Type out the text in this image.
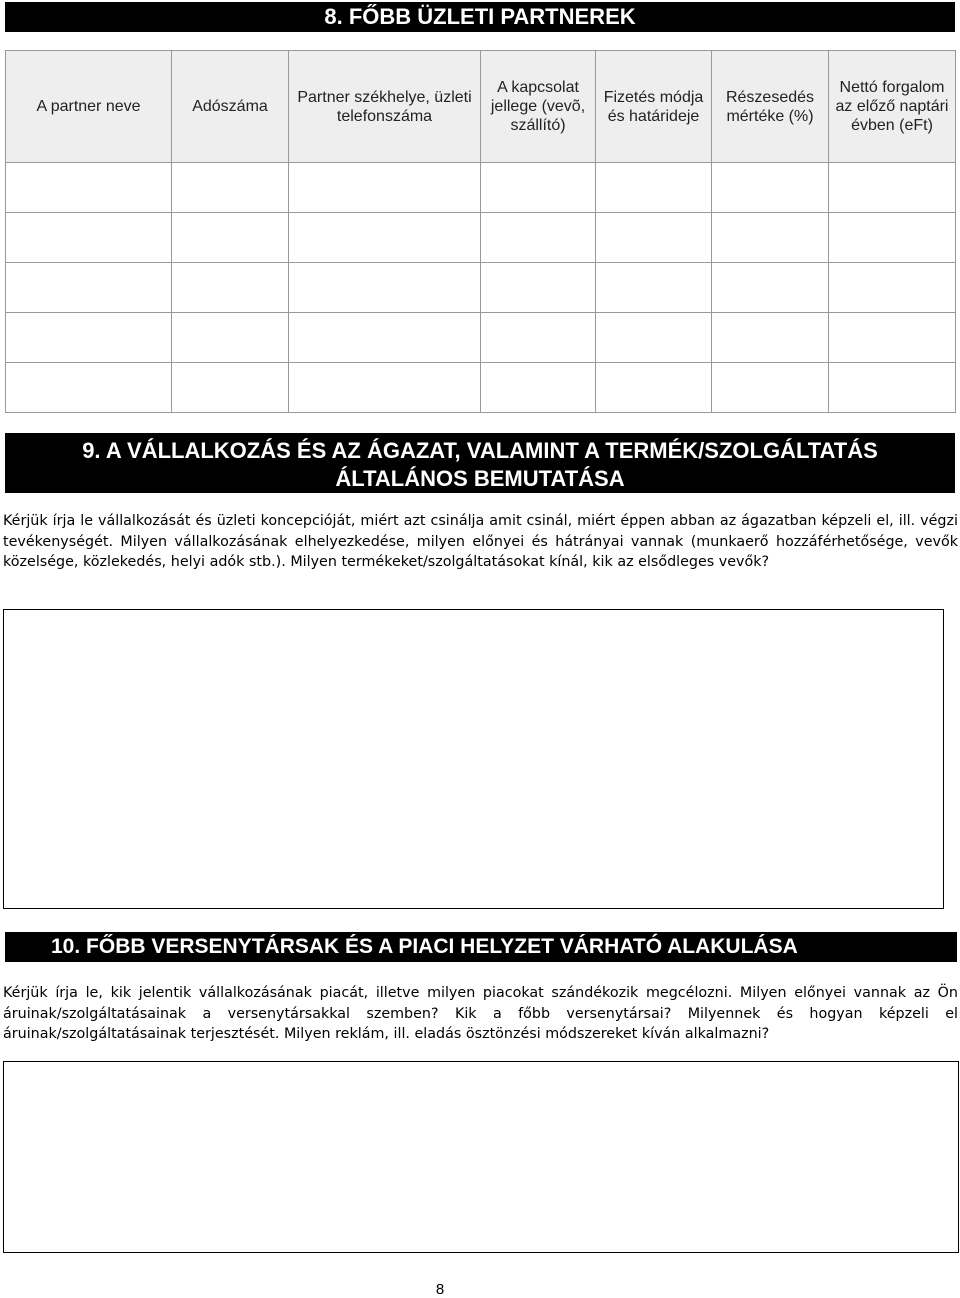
8. FŐBB ÜZLETI PARTNEREK
A partner neve	Adószáma	Partner székhelye, üzleti telefonszáma	A kapcsolat jellege (vevõ, szállító)	Fizetés módja és határideje	Részesedés mértéke (%)	Nettó forgalom az előző naptári évben (eFt)

9. A VÁLLALKOZÁS ÉS AZ ÁGAZAT, VALAMINT A TERMÉK/SZOLGÁLTATÁS
ÁLTALÁNOS BEMUTATÁSA
Kérjük írja le vállalkozását és üzleti koncepcióját, miért azt csinálja amit csinál, miért éppen abban az ágazatban képzeli el, ill. végzi tevékenységét. Milyen vállalkozásának elhelyezkedése, milyen előnyei és hátrányai vannak (munkaerő hozzáférhetősége, vevők közelsége, közlekedés, helyi adók stb.). Milyen termékeket/szolgáltatásokat kínál, kik az elsődleges vevők?
10. FŐBB VERSENYTÁRSAK ÉS A PIACI HELYZET VÁRHATÓ ALAKULÁSA
Kérjük írja le, kik jelentik vállalkozásának piacát, illetve milyen piacokat szándékozik megcélozni. Milyen előnyei vannak az Ön áruinak/szolgáltatásainak a versenytársakkal szemben? Kik a főbb versenytársai? Milyennek és hogyan képzeli el áruinak/szolgáltatásainak terjesztését. Milyen reklám, ill. eladás ösztönzési módszereket kíván alkalmazni?
8
